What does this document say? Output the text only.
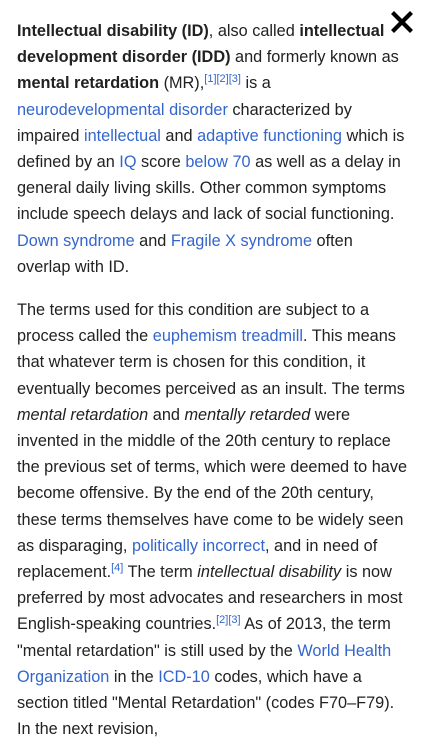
Intellectual disability (ID), also called intellectual development disorder (IDD) and formerly known as mental retardation (MR),[1][2][3] is a neurodevelopmental disorder characterized by impaired intellectual and adaptive functioning which is defined by an IQ score below 70 as well as a delay in general daily living skills. Other common symptoms include speech delays and lack of social functioning. Down syndrome and Fragile X syndrome often overlap with ID.

The terms used for this condition are subject to a process called the euphemism treadmill. This means that whatever term is chosen for this condition, it eventually becomes perceived as an insult. The terms mental retardation and mentally retarded were invented in the middle of the 20th century to replace the previous set of terms, which were deemed to have become offensive. By the end of the 20th century, these terms themselves have come to be widely seen as disparaging, politically incorrect, and in need of replacement.[4] The term intellectual disability is now preferred by most advocates and researchers in most English-speaking countries.[2][3] As of 2013, the term "mental retardation" is still used by the World Health Organization in the ICD-10 codes, which have a section titled "Mental Retardation" (codes F70–F79). In the next revision,
